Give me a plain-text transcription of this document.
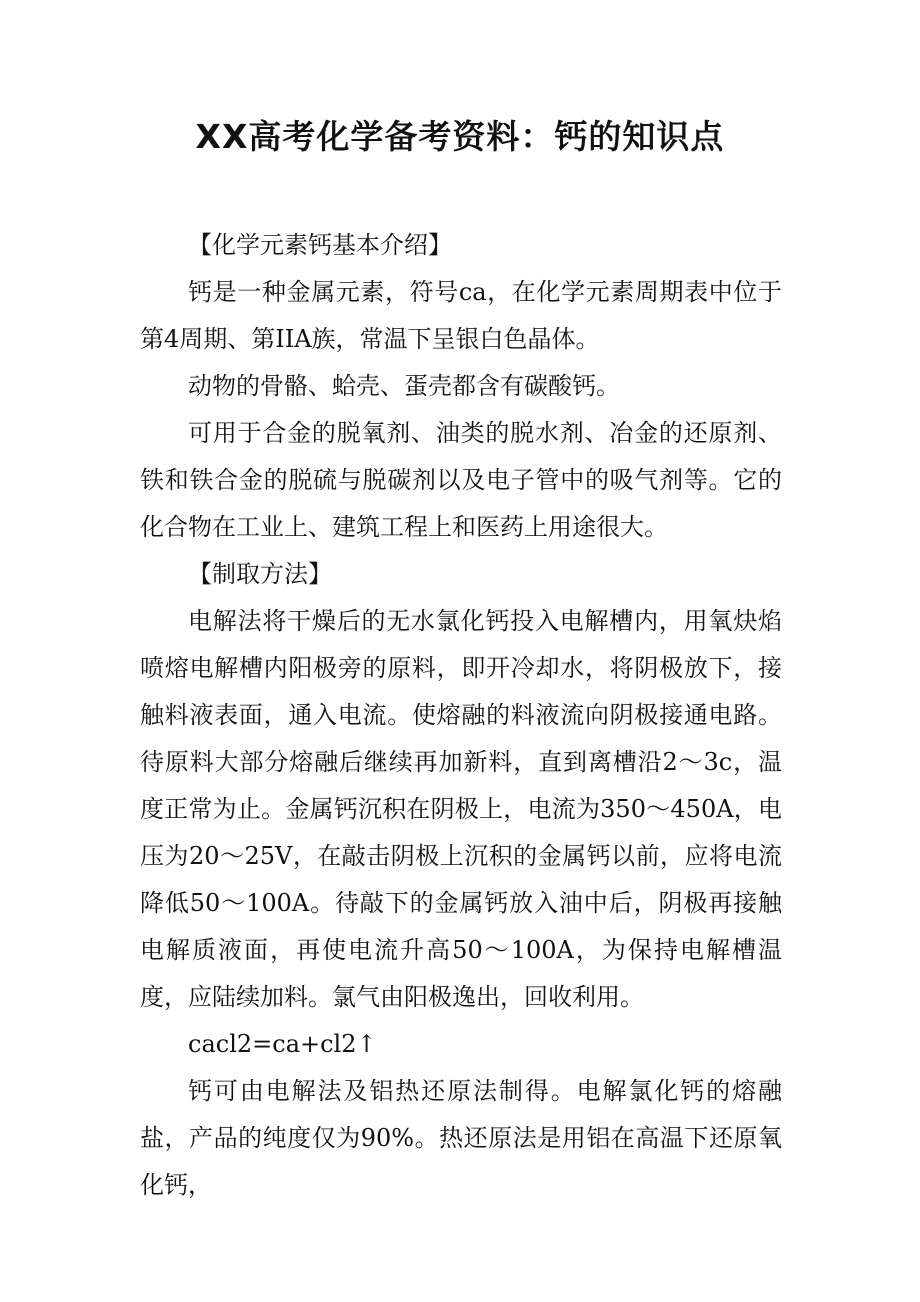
XX高考化学备考资料：钙的知识点

【化学元素钙基本介绍】

钙是一种金属元素，符号ca，在化学元素周期表中位于第4周期、第IIA族，常温下呈银白色晶体。

动物的骨骼、蛤壳、蛋壳都含有碳酸钙。

可用于合金的脱氧剂、油类的脱水剂、冶金的还原剂、铁和铁合金的脱硫与脱碳剂以及电子管中的吸气剂等。它的化合物在工业上、建筑工程上和医药上用途很大。

【制取方法】

电解法将干燥后的无水氯化钙投入电解槽内，用氧炔焰喷熔电解槽内阳极旁的原料，即开冷却水，将阴极放下，接触料液表面，通入电流。使熔融的料液流向阴极接通电路。待原料大部分熔融后继续再加新料，直到离槽沿2～3c，温度正常为止。金属钙沉积在阴极上，电流为350～450A，电压为20～25V，在敲击阴极上沉积的金属钙以前，应将电流降低50～100A。待敲下的金属钙放入油中后，阴极再接触电解质液面，再使电流升高50～100A，为保持电解槽温度，应陆续加料。氯气由阳极逸出，回收利用。

cacl2=ca+cl2↑

钙可由电解法及铝热还原法制得。电解氯化钙的熔融盐，产品的纯度仅为90%。热还原法是用铝在高温下还原氧化钙，
